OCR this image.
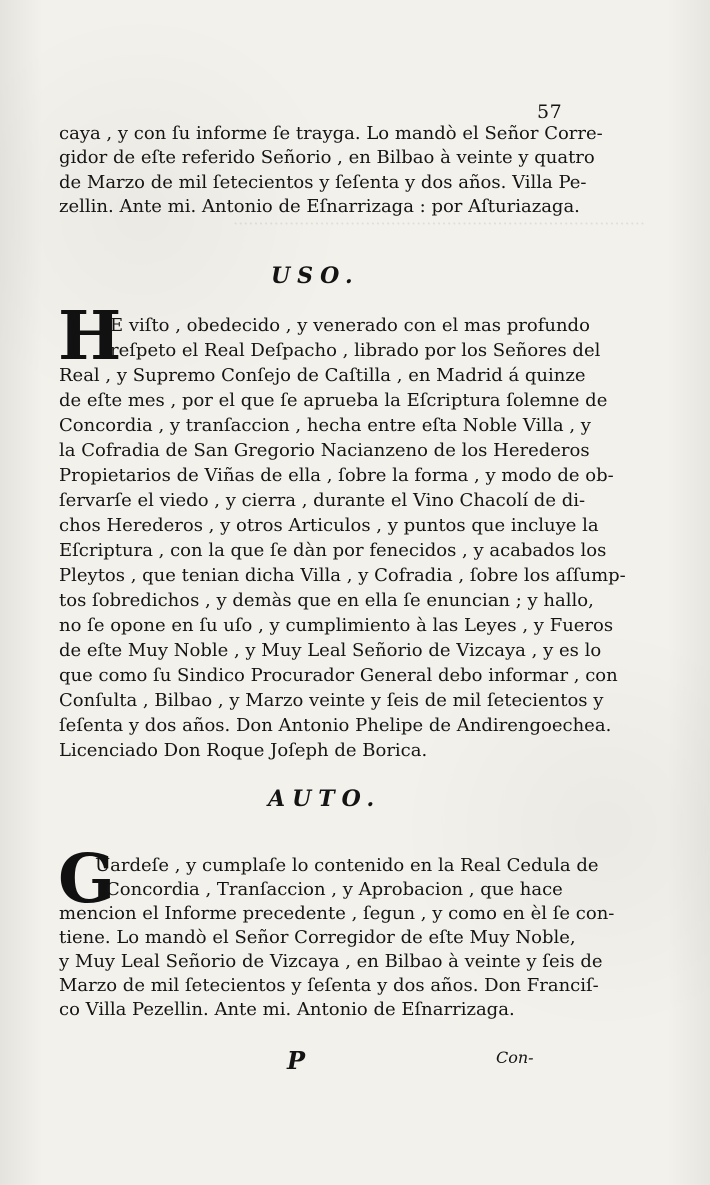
57
caya , y con ſu informe ſe trayga. Lo mandò el Señor Corre-
gidor de eſte referido Señorio , en Bilbao à veinte y quatro
de Marzo de mil ſetecientos y ſeſenta y dos años. Villa Pe-
zellin. Ante mi. Antonio de Eſnarrizaga : por Aſturiazaga.
·················································································
USO.
H
E viſto , obedecido , y venerado con el mas profundo
reſpeto el Real Deſpacho , librado por los Señores del
Real , y Supremo Conſejo de Caſtilla , en Madrid á quinze
de eſte mes , por el que ſe aprueba la Eſcriptura ſolemne de
Concordia , y tranſaccion , hecha entre eſta Noble Villa , y
la Cofradia de San Gregorio Nacianzeno de los Herederos
Propietarios de Viñas de ella , ſobre la forma , y modo de ob-
ſervarſe el viedo , y cierra , durante el Vino Chacolí de di-
chos Herederos , y otros Articulos , y puntos que incluye la
Eſcriptura , con la que ſe dàn por fenecidos , y acabados los
Pleytos , que tenian dicha Villa , y Cofradia , ſobre los aſſump-
tos ſobredichos , y demàs que en ella ſe enuncian ; y hallo,
no ſe opone en ſu uſo , y cumplimiento à las Leyes , y Fueros
de eſte Muy Noble , y Muy Leal Señorio de Vizcaya , y es lo
que como ſu Sindico Procurador General debo informar , con
Conſulta , Bilbao , y Marzo veinte y ſeis de mil ſetecientos y
ſeſenta y dos años. Don Antonio Phelipe de Andirengoechea.
Licenciado Don Roque Joſeph de Borica.
AUTO.
G
Uardeſe , y cumplaſe lo contenido en la Real Cedula de
Concordia , Tranſaccion , y Aprobacion , que hace
mencion el Informe precedente , ſegun , y como en èl ſe con-
tiene. Lo mandò el Señor Corregidor de eſte Muy Noble,
y Muy Leal Señorio de Vizcaya , en Bilbao à veinte y ſeis de
Marzo de mil ſetecientos y ſeſenta y dos años. Don Franciſ-
co Villa Pezellin. Ante mi. Antonio de Eſnarrizaga.
P	Con-
